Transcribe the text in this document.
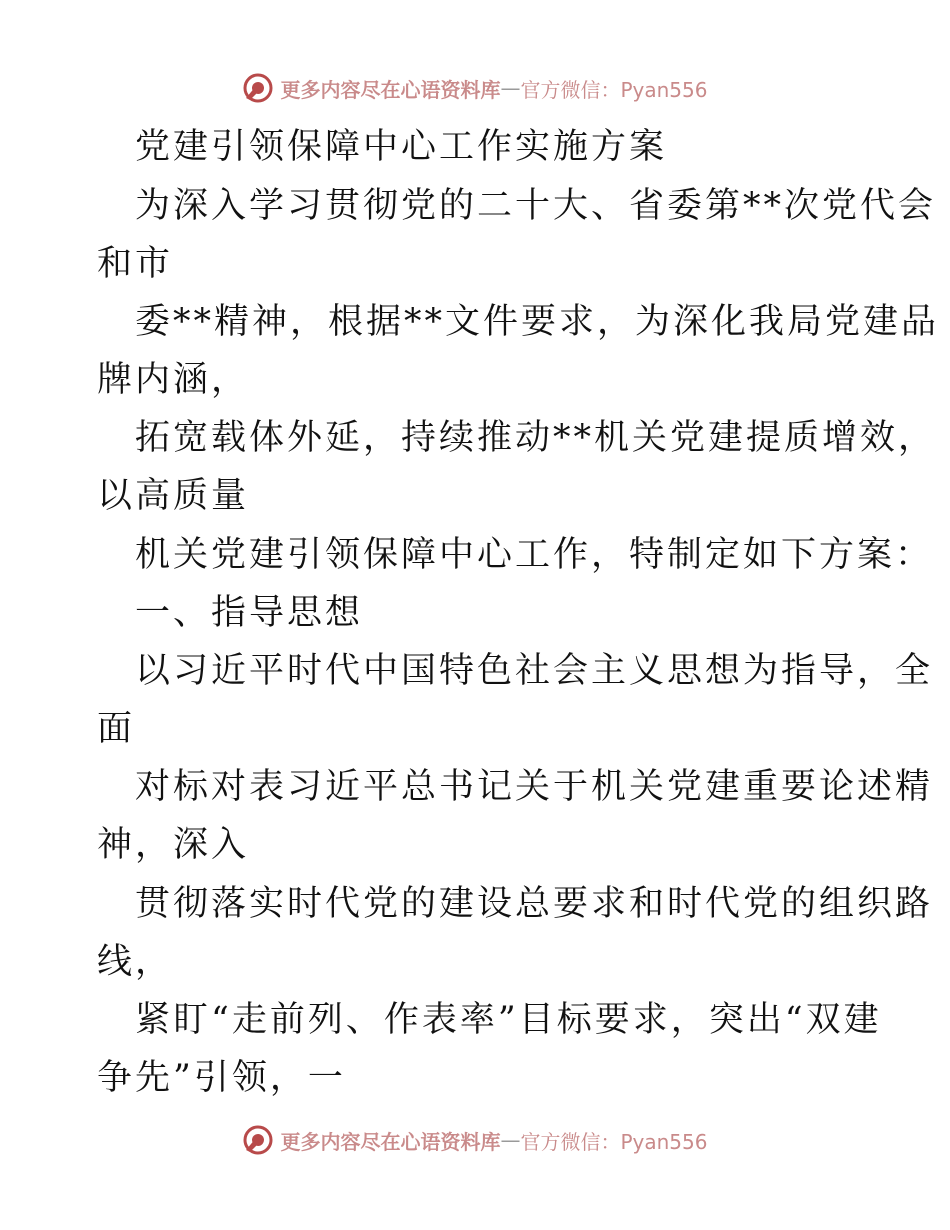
更多内容尽在心语资料库 — 官方微信：Pyan556
党建引领保障中心工作实施方案
为深入学习贯彻党的二十大、省委第**次党代会
和市
委**精神，根据**文件要求，为深化我局党建品
牌内涵，
拓宽载体外延，持续推动**机关党建提质增效，
以高质量
机关党建引领保障中心工作，特制定如下方案：
一、指导思想
以习近平时代中国特色社会主义思想为指导，全
面
对标对表习近平总书记关于机关党建重要论述精
神，深入
贯彻落实时代党的建设总要求和时代党的组织路
线，
紧盯“走前列、作表率”目标要求，突出“双建
争先”引领，一
更多内容尽在心语资料库 — 官方微信：Pyan556
